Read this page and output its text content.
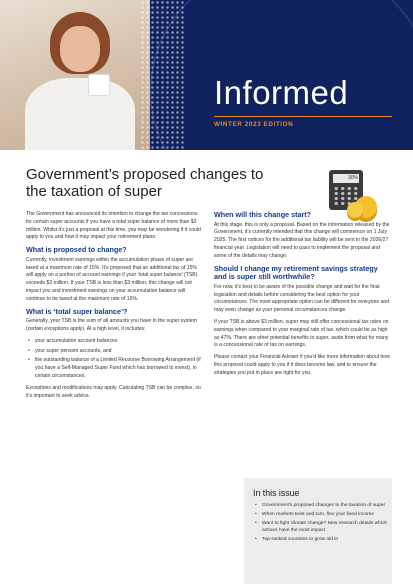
Informed
WINTER 2023 EDITION
Government’s proposed changes to the taxation of super
30%

The Government has announced its intention to change the tax concessions for certain super accounts if you have a total super balance of more than $3 million. Whilst it’s just a proposal at this time, you may be wondering if it could apply to you and how it may impact your retirement plans.

What is proposed to change?

Currently, investment earnings within the accumulation phase of super are taxed at a maximum rate of 15%. It’s proposed that an additional tax of 15% will apply on a portion of account earnings if your ‘total super balance’ (TSB) exceeds $3 million. If your TSB is less than $3 million, this change will not impact you and investment earnings on your accumulation balance will continue to be taxed at the maximum rate of 15%.

What is ‘total super balance’?

Generally, your TSB is the sum of all amounts you have in the super system (certain exceptions apply). At a high level, it includes:

• your accumulation account balances
• your super pension accounts, and
• the outstanding balance of a Limited Recourse Borrowing Arrangement (if you have a Self-Managed Super Fund which has borrowed to invest), in certain circumstances.

Exceptions and modifications may apply. Calculating TSB can be complex, so it’s important to seek advice.

When will this change start?

At this stage, this is only a proposal. Based on the information released by the Government, it’s currently intended that this change will commence on 1 July 2025. The first notices for the additional tax liability will be sent in the 2026/27 financial year. Legislation will need to pass to implement the proposal and some of the details may change.

Should I change my retirement savings strategy and is super still worthwhile?

For now, it’s best to be aware of the possible change and wait for the final legislation and details before considering the best option for your circumstances. The most appropriate option can be different for everyone and may even change as your personal circumstances change.

If your TSB is above $3 million, super may still offer concessional tax rates on earnings when compared to your marginal rate of tax, which could be as high as 47%. There are other potential benefits to super, aside from what for many is a concessional rate of tax on earnings.

Please contact your Financial Adviser if you’d like more information about how this proposal could apply to you if it does become law, and to ensure the strategies you put in place are right for you.

In this issue
• Government’s proposed changes to the taxation of super
• When markets twist and turn, flex your fixed income
• Want to fight climate change? New research details which actions have the most impact
• Top-ranked countries to grow old in
